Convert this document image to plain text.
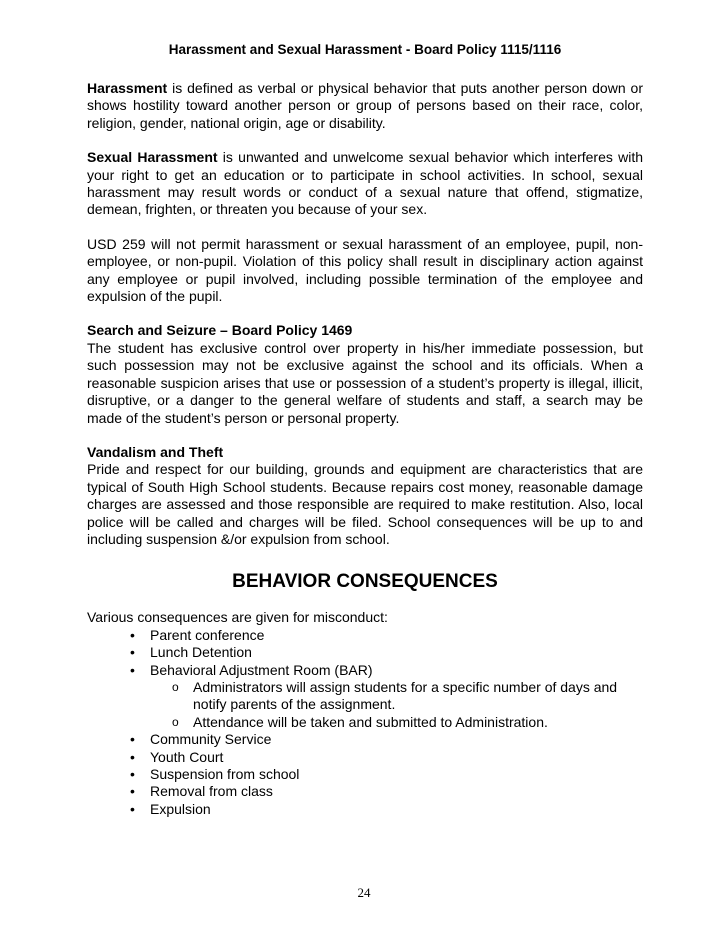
Harassment and Sexual Harassment - Board Policy 1115/1116

Harassment is defined as verbal or physical behavior that puts another person down or shows hostility toward another person or group of persons based on their race, color, religion, gender, national origin, age or disability.

Sexual Harassment is unwanted and unwelcome sexual behavior which interferes with your right to get an education or to participate in school activities. In school, sexual harassment may result words or conduct of a sexual nature that offend, stigmatize, demean, frighten, or threaten you because of your sex.

USD 259 will not permit harassment or sexual harassment of an employee, pupil, non-employee, or non-pupil. Violation of this policy shall result in disciplinary action against any employee or pupil involved, including possible termination of the employee and expulsion of the pupil.

Search and Seizure – Board Policy 1469

The student has exclusive control over property in his/her immediate possession, but such possession may not be exclusive against the school and its officials. When a reasonable suspicion arises that use or possession of a student’s property is illegal, illicit, disruptive, or a danger to the general welfare of students and staff, a search may be made of the student’s person or personal property.

Vandalism and Theft

Pride and respect for our building, grounds and equipment are characteristics that are typical of South High School students. Because repairs cost money, reasonable damage charges are assessed and those responsible are required to make restitution. Also, local police will be called and charges will be filed. School consequences will be up to and including suspension &/or expulsion from school.

BEHAVIOR CONSEQUENCES
Various consequences are given for misconduct:
• Parent conference
• Lunch Detention
• Behavioral Adjustment Room (BAR)
o Administrators will assign students for a specific number of days and notify parents of the assignment.
o Attendance will be taken and submitted to Administration.
• Community Service
• Youth Court
• Suspension from school
• Removal from class
• Expulsion
24
